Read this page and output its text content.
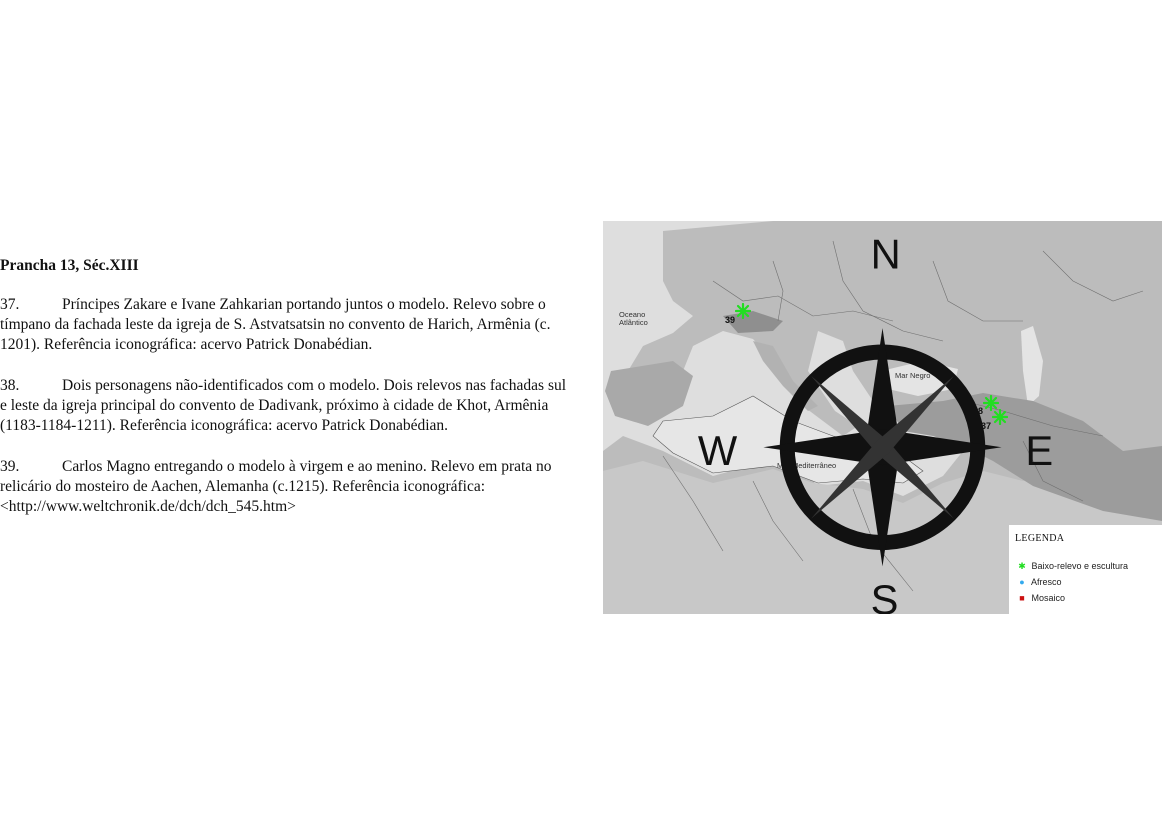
Prancha 13, Séc.XIII
37.	Príncipes Zakare e Ivane Zahkarian portando juntos o modelo. Relevo sobre o tímpano da fachada leste da igreja de S. Astvatsatsin no convento de Harich, Armênia (c. 1201). Referência iconográfica: acervo Patrick Donabédian.
38.	Dois personagens não-identificados com o modelo. Dois relevos nas fachadas sul e leste da igreja principal do convento de Dadivank, próximo à cidade de Khot, Armênia (1183-1184-1211). Referência iconográfica: acervo Patrick Donabédian.
39.	Carlos Magno entregando o modelo à virgem e ao menino. Relevo em prata no relicário do mosteiro de Aachen, Alemanha (c.1215). Referência iconográfica: <http://www.weltchronik.de/dch/dch_545.htm>
Oceano
Atlântico
Mar Negro
Mar Mediterrâneo
39
38
37
N
S
E
W
LEGENDA
✱ Baixo-relevo e escultura
● Afresco
■ Mosaico
